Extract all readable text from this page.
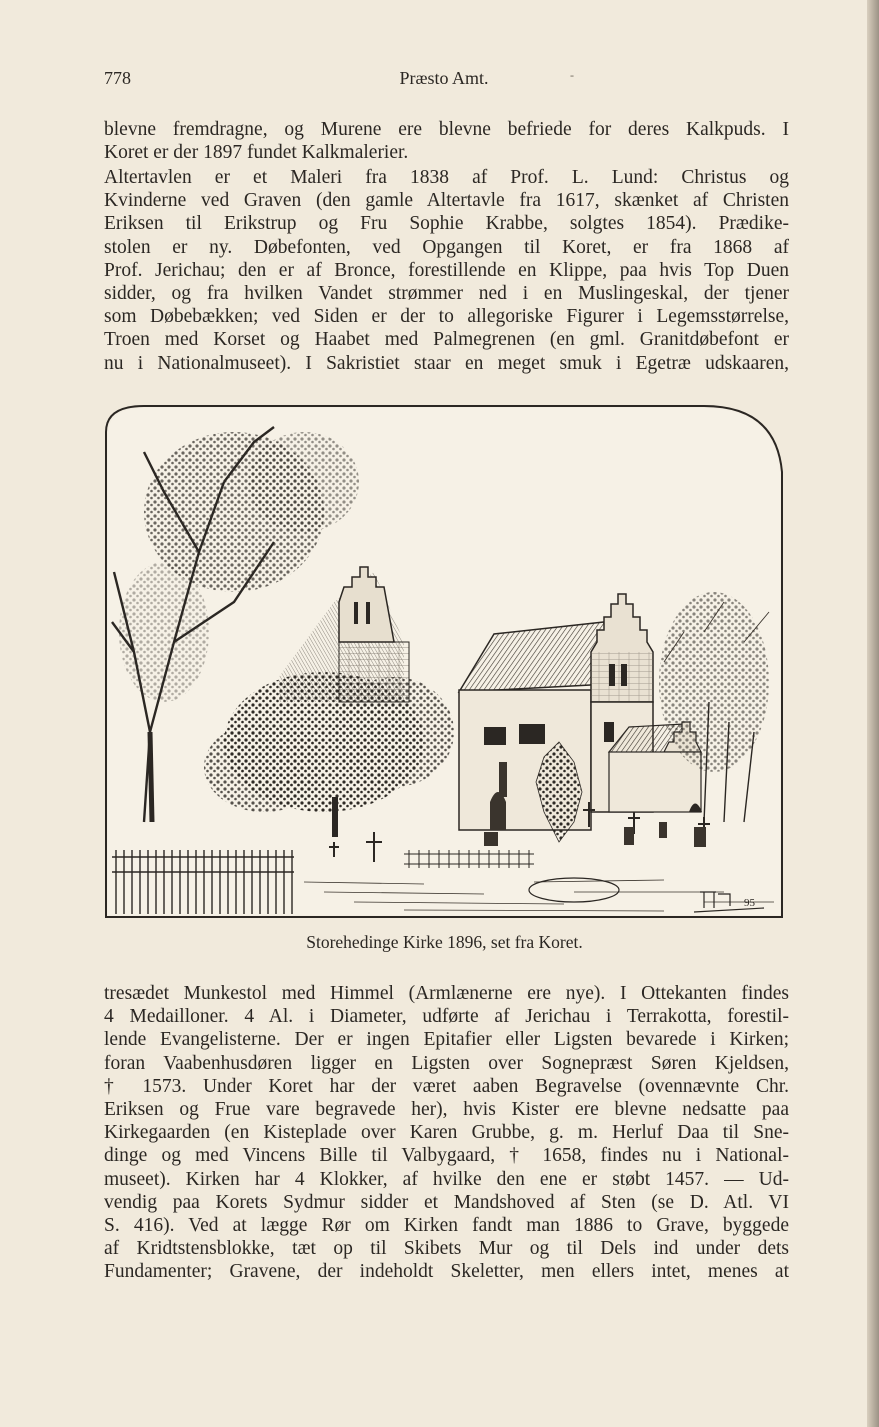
778	Præsto Amt.	-
blevne fremdragne, og Murene ere blevne befriede for deres Kalkpuds. I
Koret er der 1897 fundet Kalkmalerier.
Altertavlen er et Maleri fra 1838 af Prof. L. Lund: Christus og
Kvinderne ved Graven (den gamle Altertavle fra 1617, skænket af Christen
Eriksen til Erikstrup og Fru Sophie Krabbe, solgtes 1854). Prædike-
stolen er ny. Døbefonten, ved Opgangen til Koret, er fra 1868 af
Prof. Jerichau; den er af Bronce, forestillende en Klippe, paa hvis Top Duen
sidder, og fra hvilken Vandet strømmer ned i en Muslingeskal, der tjener
som Døbebækken; ved Siden er der to allegoriske Figurer i Legemsstørrelse,
Troen med Korset og Haabet med Palmegrenen (en gml. Granitdøbefont er
nu i Nationalmuseet). I Sakristiet staar en meget smuk i Egetræ udskaaren,
95
Storehedinge Kirke 1896, set fra Koret.
tresædet Munkestol med Himmel (Armlænerne ere nye). I Ottekanten findes
4 Medailloner. 4 Al. i Diameter, udførte af Jerichau i Terrakotta, forestil-
lende Evangelisterne. Der er ingen Epitafier eller Ligsten bevarede i Kirken;
foran Vaabenhusdøren ligger en Ligsten over Sognepræst Søren Kjeldsen,
† 1573. Under Koret har der været aaben Begravelse (ovennævnte Chr.
Eriksen og Frue vare begravede her), hvis Kister ere blevne nedsatte paa
Kirkegaarden (en Kisteplade over Karen Grubbe, g. m. Herluf Daa til Sne-
dinge og med Vincens Bille til Valbygaard, † 1658, findes nu i National-
museet). Kirken har 4 Klokker, af hvilke den ene er støbt 1457. — Ud-
vendig paa Korets Sydmur sidder et Mandshoved af Sten (se D. Atl. VI
S. 416). Ved at lægge Rør om Kirken fandt man 1886 to Grave, byggede
af Kridtstensblokke, tæt op til Skibets Mur og til Dels ind under dets
Fundamenter; Gravene, der indeholdt Skeletter, men ellers intet, menes at
